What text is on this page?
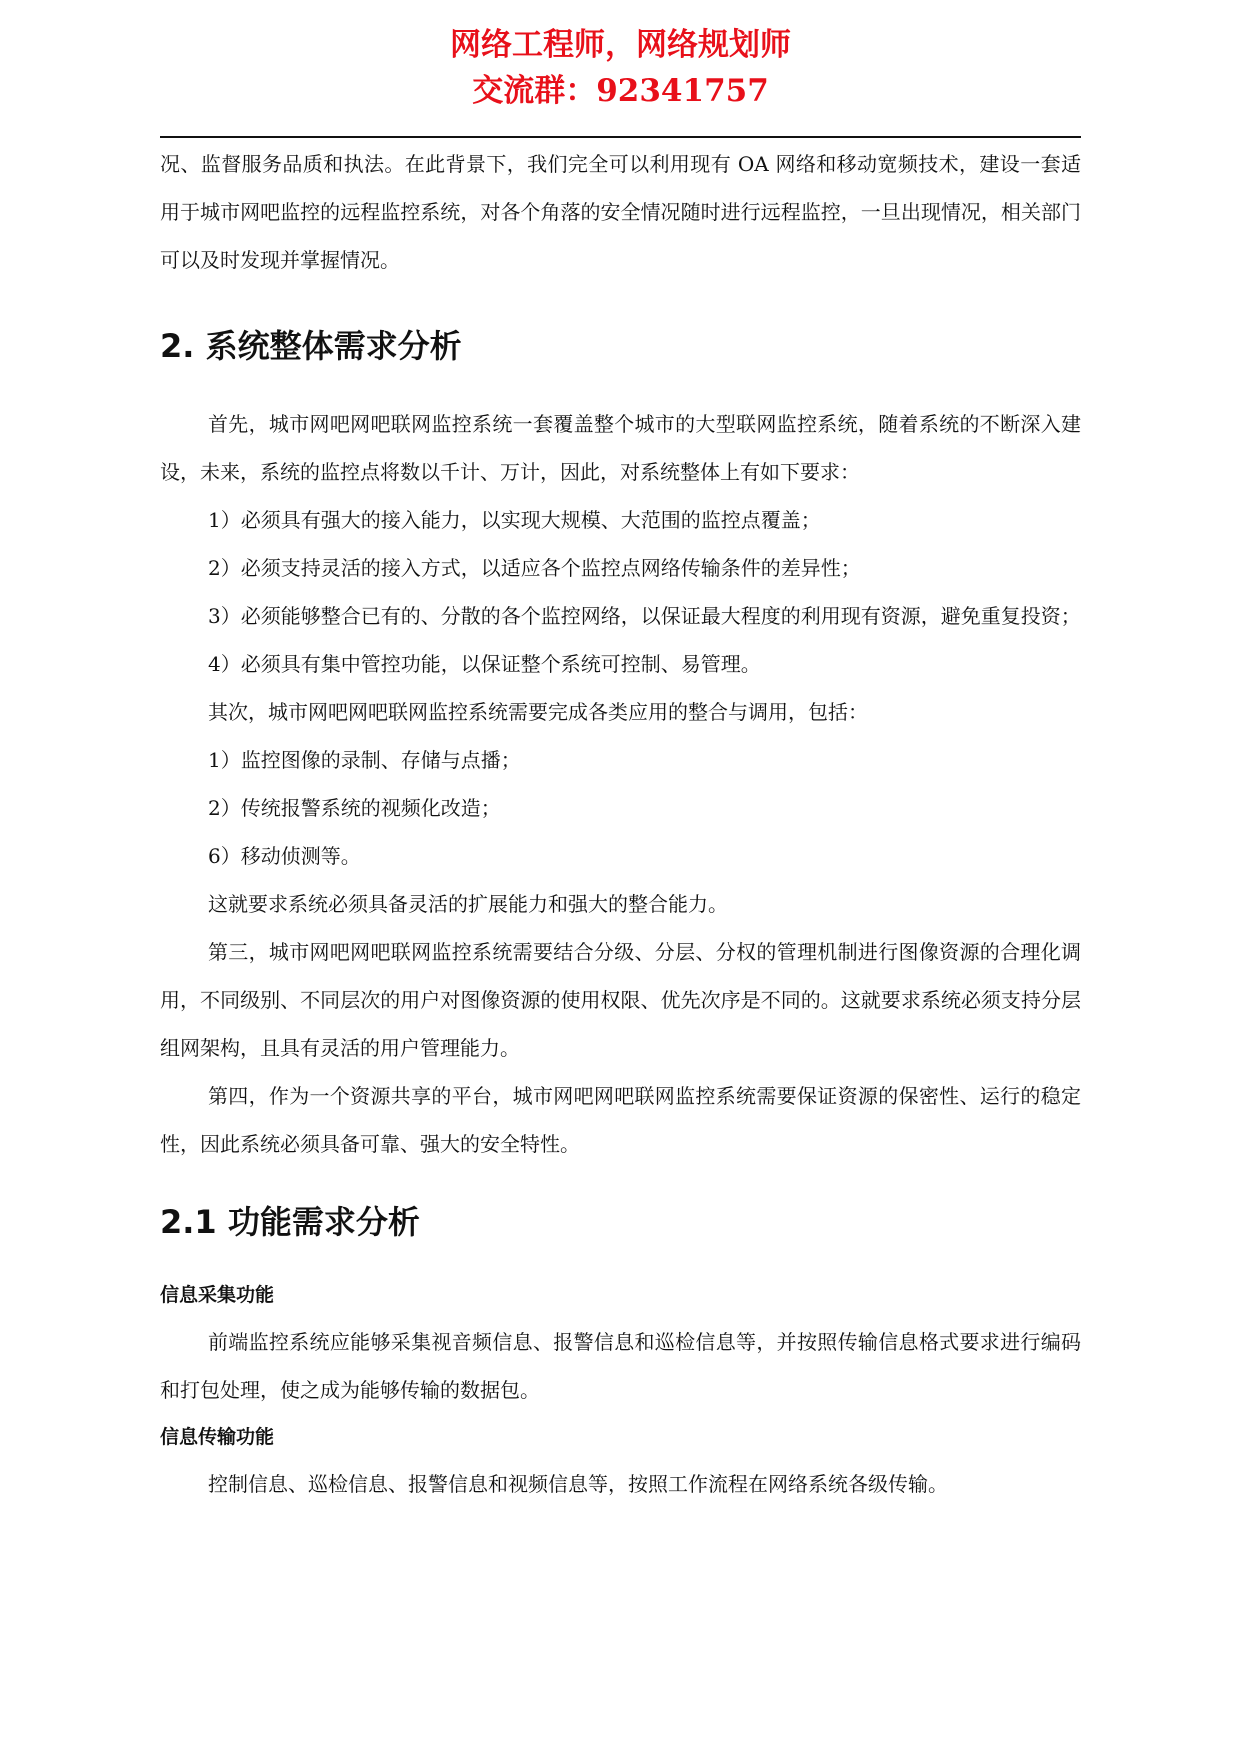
网络工程师，网络规划师
交流群：92341757

况、监督服务品质和执法。在此背景下，我们完全可以利用现有 OA 网络和移动宽频技术，建设一套适用于城市网吧监控的远程监控系统，对各个角落的安全情况随时进行远程监控，一旦出现情况，相关部门可以及时发现并掌握情况。

2. 系统整体需求分析

首先，城市网吧网吧联网监控系统一套覆盖整个城市的大型联网监控系统，随着系统的不断深入建设，未来，系统的监控点将数以千计、万计，因此，对系统整体上有如下要求：

1）必须具有强大的接入能力，以实现大规模、大范围的监控点覆盖；

2）必须支持灵活的接入方式，以适应各个监控点网络传输条件的差异性；

3）必须能够整合已有的、分散的各个监控网络，以保证最大程度的利用现有资源，避免重复投资；

4）必须具有集中管控功能，以保证整个系统可控制、易管理。

其次，城市网吧网吧联网监控系统需要完成各类应用的整合与调用，包括：

1）监控图像的录制、存储与点播；

2）传统报警系统的视频化改造；

6）移动侦测等。

这就要求系统必须具备灵活的扩展能力和强大的整合能力。

第三，城市网吧网吧联网监控系统需要结合分级、分层、分权的管理机制进行图像资源的合理化调用，不同级别、不同层次的用户对图像资源的使用权限、优先次序是不同的。这就要求系统必须支持分层组网架构，且具有灵活的用户管理能力。

第四，作为一个资源共享的平台，城市网吧网吧联网监控系统需要保证资源的保密性、运行的稳定性，因此系统必须具备可靠、强大的安全特性。

2.1 功能需求分析
信息采集功能

前端监控系统应能够采集视音频信息、报警信息和巡检信息等，并按照传输信息格式要求进行编码和打包处理，使之成为能够传输的数据包。

信息传输功能

控制信息、巡检信息、报警信息和视频信息等，按照工作流程在网络系统各级传输。
